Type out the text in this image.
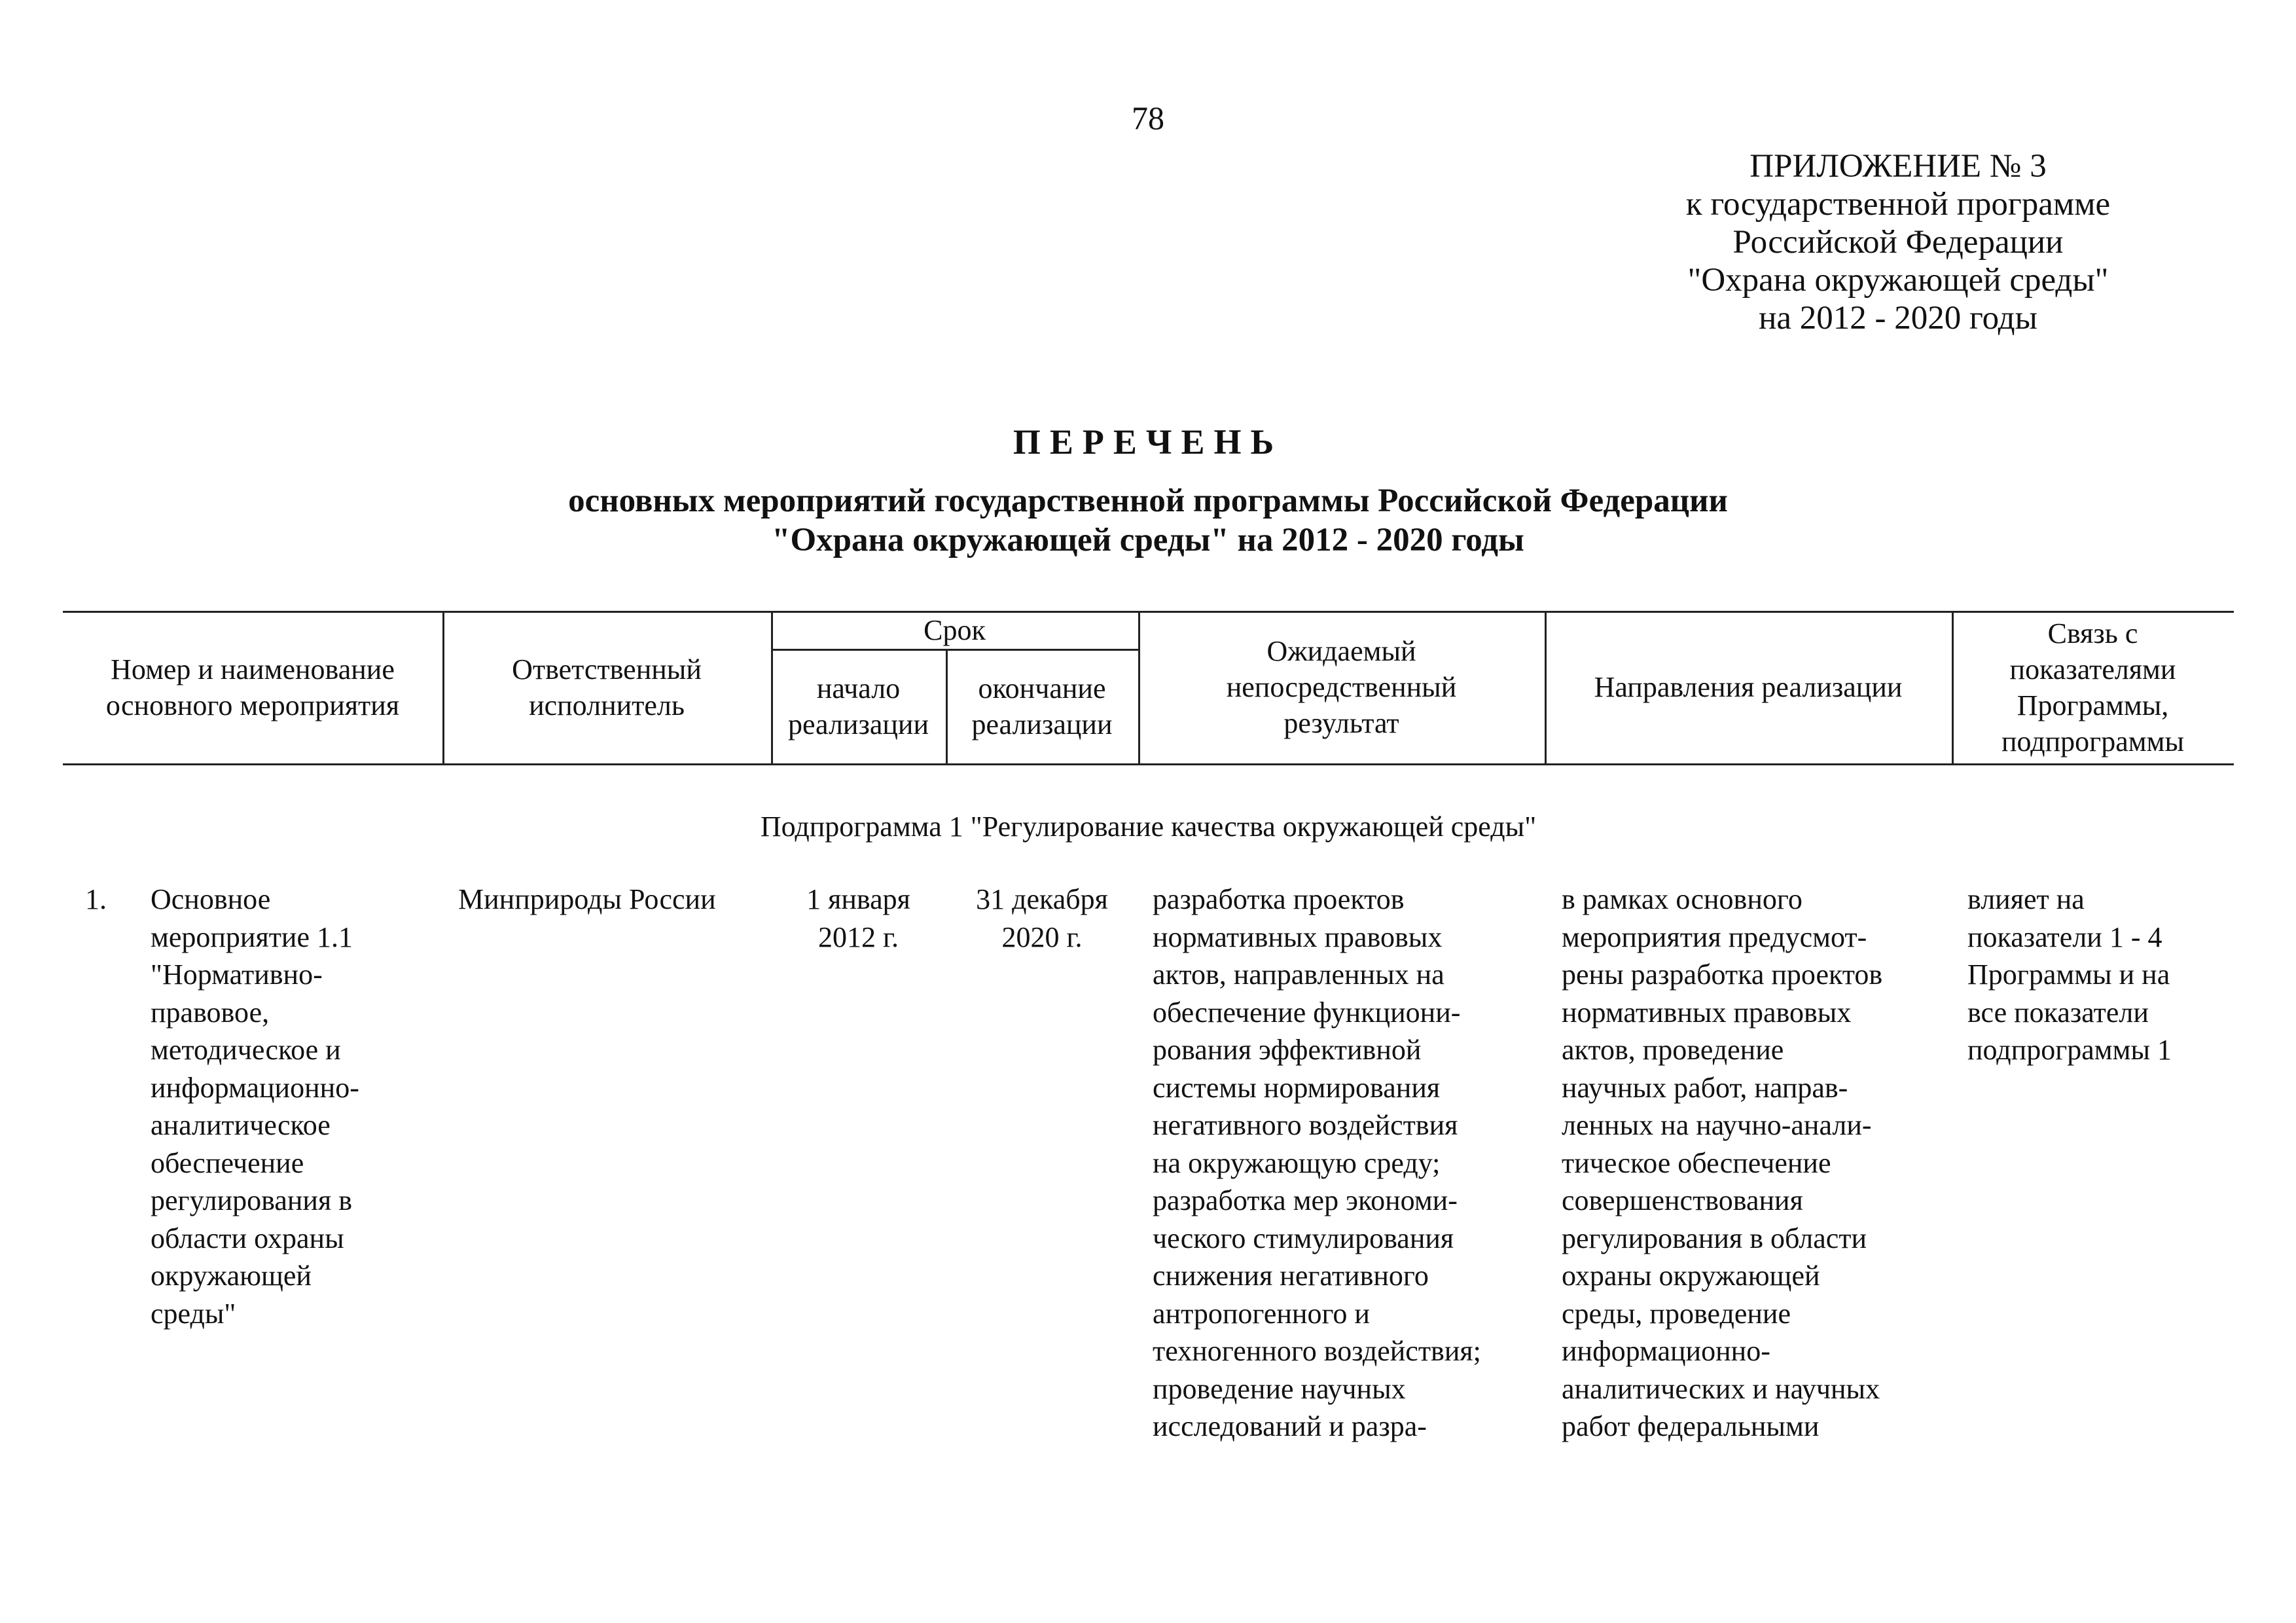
78
ПРИЛОЖЕНИЕ № 3
к государственной программе
Российской Федерации
"Охрана окружающей среды"
на 2012 - 2020 годы
ПЕРЕЧЕНЬ
основных мероприятий государственной программы Российской Федерации
"Охрана окружающей среды" на 2012 - 2020 годы
Номер и наименование основного мероприятия
Ответственный исполнитель
Срок
начало реализации
окончание реализации
Ожидаемый непосредственный результат
Направления реализации
Связь с показателями Программы, подпрограммы
Подпрограмма 1 "Регулирование качества окружающей среды"
1.	Основное
мероприятие 1.1
"Нормативно-
правовое,
методическое и
информационно-
аналитическое
обеспечение
регулирования в
области охраны
окружающей
среды"
Минприроды России	1 января
2012 г.
31 декабря
2020 г.
разработка проектов
нормативных правовых
актов, направленных на
обеспечение функциони-
рования эффективной
системы нормирования
негативного воздействия
на окружающую среду;
разработка мер экономи-
ческого стимулирования
снижения негативного
антропогенного и
техногенного воздействия;
проведение научных
исследований и разра-
в рамках основного
мероприятия предусмот-
рены разработка проектов
нормативных правовых
актов, проведение
научных работ, направ-
ленных на научно-анали-
тическое обеспечение
совершенствования
регулирования в области
охраны окружающей
среды, проведение
информационно-
аналитических и научных
работ федеральными
влияет на
показатели 1 - 4
Программы и на
все показатели
подпрограммы 1
